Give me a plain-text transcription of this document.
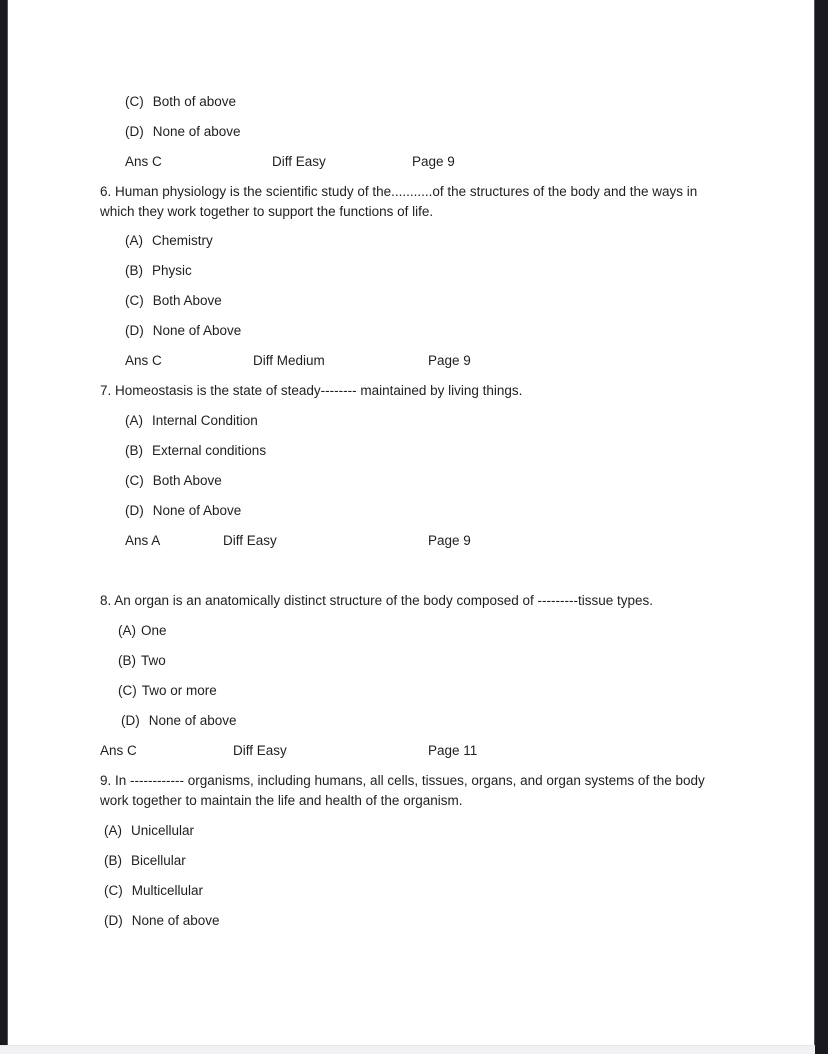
(C) Both of above
(D) None of above
Ans C	Diff Easy	Page 9
6. Human physiology is the scientific study of the...........of the structures of the body and the ways in which they work together to support the functions of life.
(A) Chemistry
(B) Physic
(C) Both Above
(D) None of Above
Ans C	Diff Medium	Page 9
7. Homeostasis is the state of steady-------- maintained by living things.
(A) Internal Condition
(B) External conditions
(C) Both Above
(D) None of Above
Ans A	Diff Easy	Page 9
8. An organ is an anatomically distinct structure of the body composed of ---------tissue types.
(A) One
(B) Two
(C) Two or more
(D) None of above
Ans C	Diff Easy	Page 11
9. In ------------ organisms, including humans, all cells, tissues, organs, and organ systems of the body work together to maintain the life and health of the organism.
(A) Unicellular
(B) Bicellular
(C) Multicellular
(D) None of above
